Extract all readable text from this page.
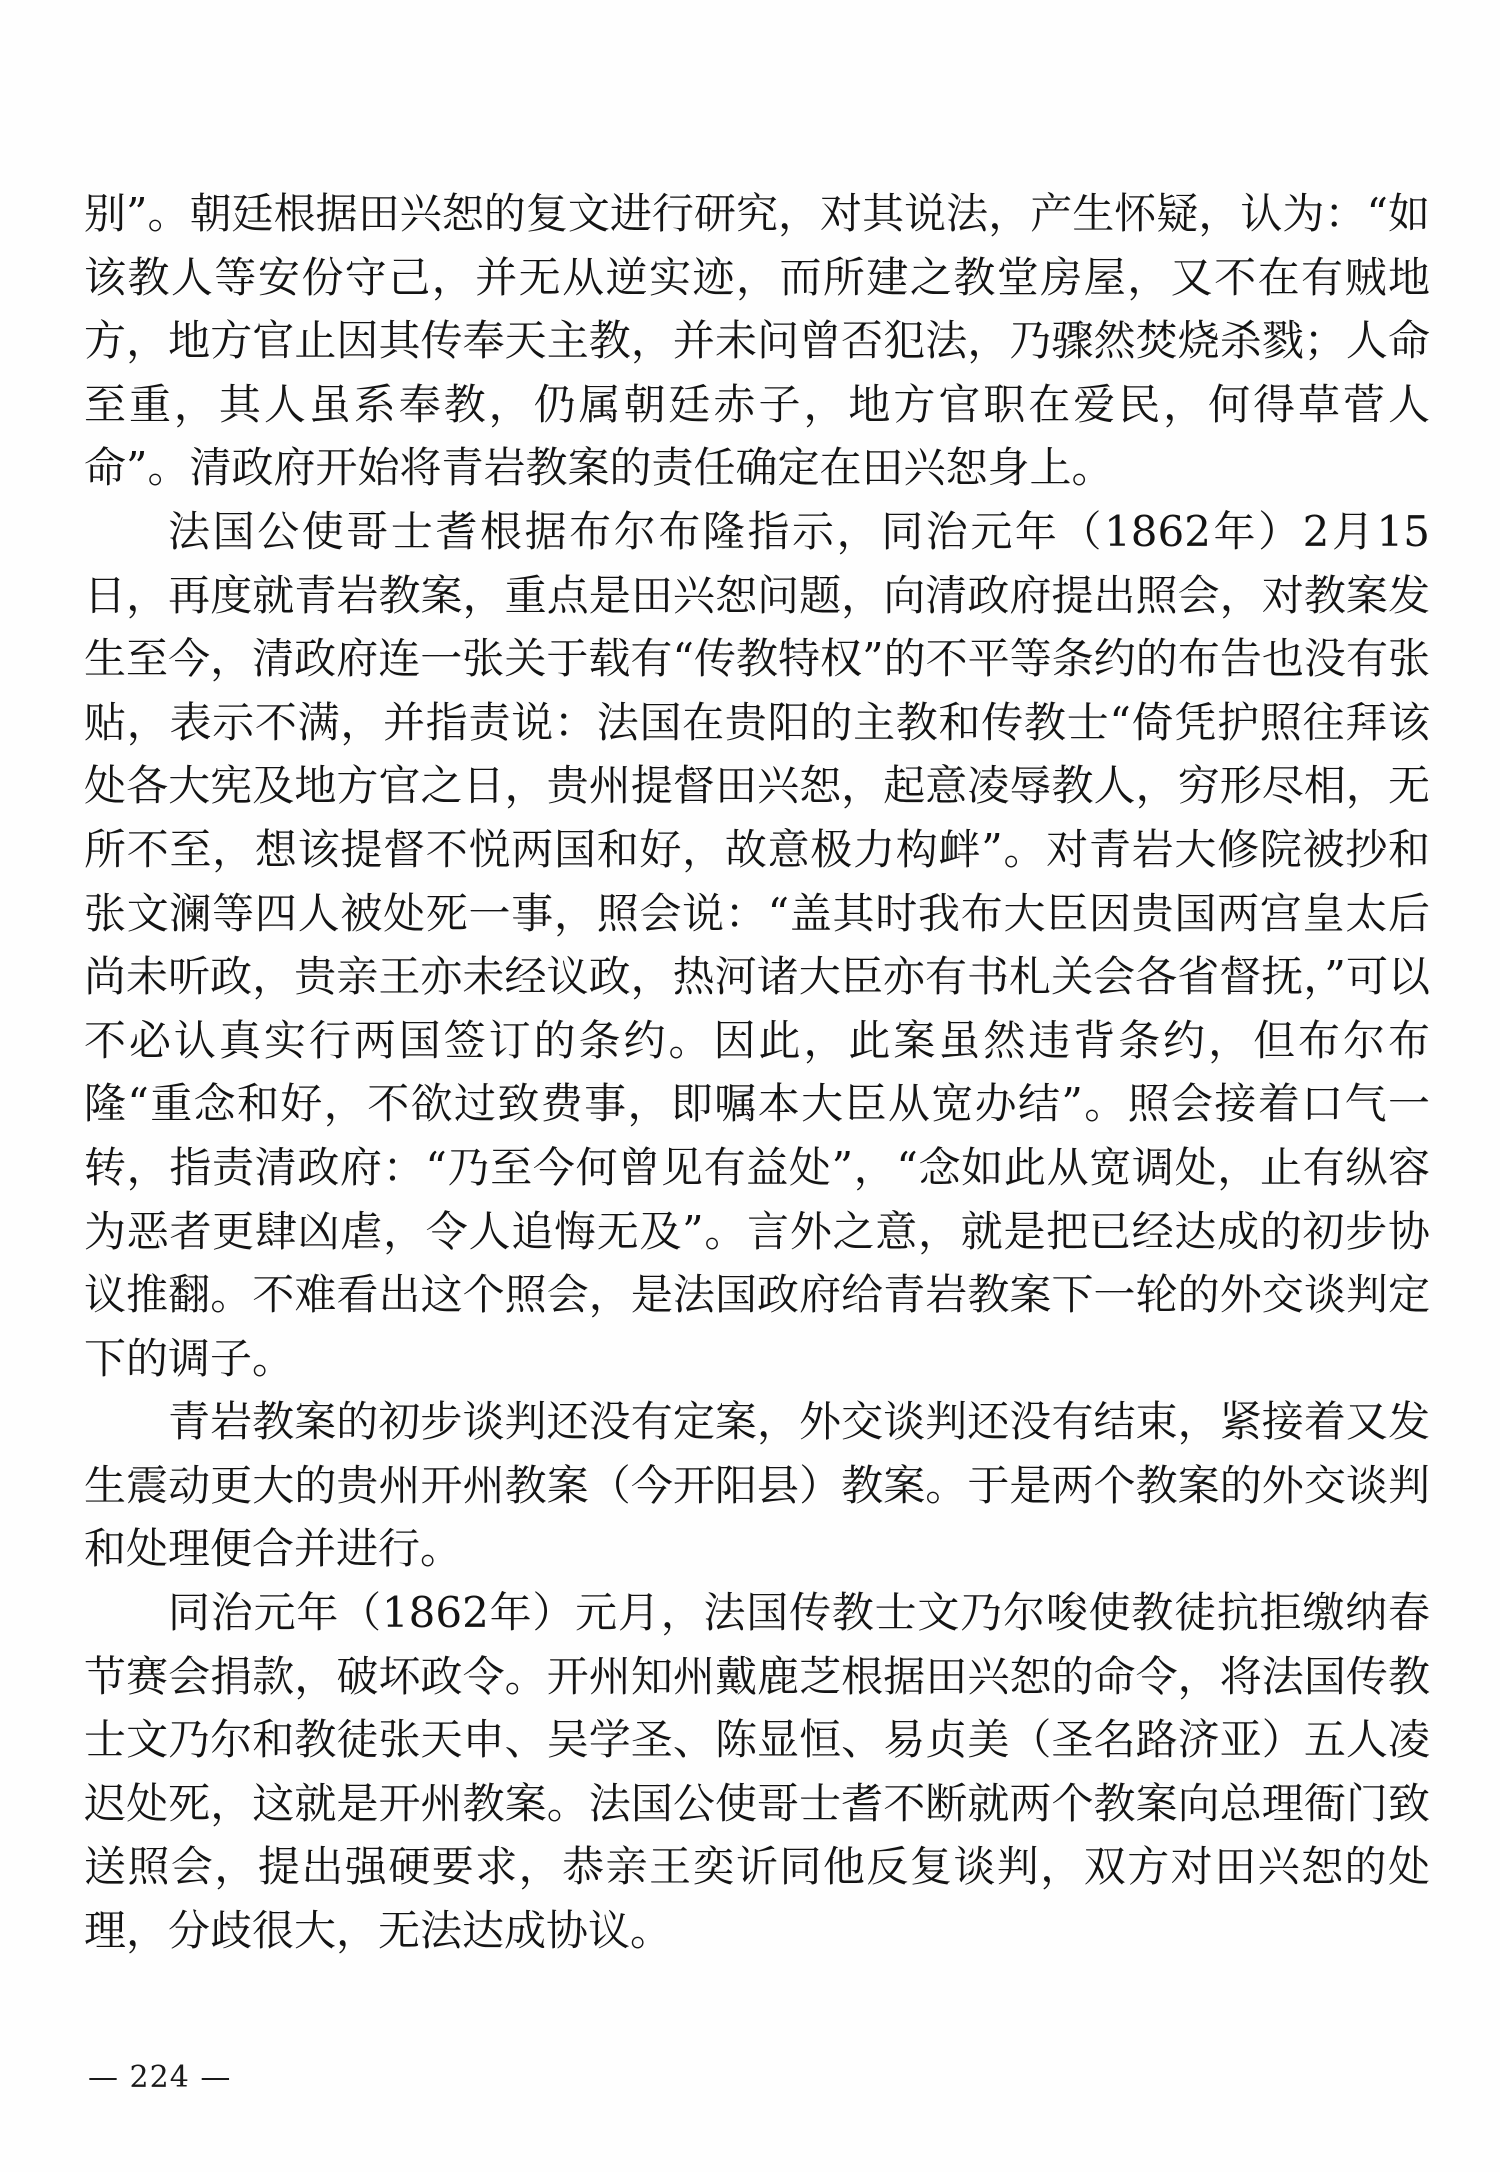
别”。朝廷根据田兴恕的复文进行研究，对其说法，产生怀疑，认为：“如该教人等安份守己，并无从逆实迹，而所建之教堂房屋，又不在有贼地方，地方官止因其传奉天主教，并未问曾否犯法，乃骤然焚烧杀戮；人命至重，其人虽系奉教，仍属朝廷赤子，地方官职在爱民，何得草菅人命”。清政府开始将青岩教案的责任确定在田兴恕身上。

法国公使哥士耆根据布尔布隆指示，同治元年（1862年）2月15日，再度就青岩教案，重点是田兴恕问题，向清政府提出照会，对教案发生至今，清政府连一张关于载有“传教特权”的不平等条约的布告也没有张贴，表示不满，并指责说：法国在贵阳的主教和传教士“倚凭护照往拜该处各大宪及地方官之日，贵州提督田兴恕，起意凌辱教人，穷形尽相，无所不至，想该提督不悦两国和好，故意极力构衅”。对青岩大修院被抄和张文澜等四人被处死一事，照会说：“盖其时我布大臣因贵国两宫皇太后尚未听政，贵亲王亦未经议政，热河诸大臣亦有书札关会各省督抚，”可以不必认真实行两国签订的条约。因此，此案虽然违背条约，但布尔布隆“重念和好，不欲过致费事，即嘱本大臣从宽办结”。照会接着口气一转，指责清政府：“乃至今何曾见有益处”，“念如此从宽调处，止有纵容为恶者更肆凶虐，令人追悔无及”。言外之意，就是把已经达成的初步协议推翻。不难看出这个照会，是法国政府给青岩教案下一轮的外交谈判定下的调子。

青岩教案的初步谈判还没有定案，外交谈判还没有结束，紧接着又发生震动更大的贵州开州教案（今开阳县）教案。于是两个教案的外交谈判和处理便合并进行。

同治元年（1862年）元月，法国传教士文乃尔唆使教徒抗拒缴纳春节赛会捐款，破坏政令。开州知州戴鹿芝根据田兴恕的命令，将法国传教士文乃尔和教徒张天申、吴学圣、陈显恒、易贞美（圣名路济亚）五人凌迟处死，这就是开州教案。法国公使哥士耆不断就两个教案向总理衙门致送照会，提出强硬要求，恭亲王奕䜣同他反复谈判，双方对田兴恕的处理，分歧很大，无法达成协议。

— 224 —
